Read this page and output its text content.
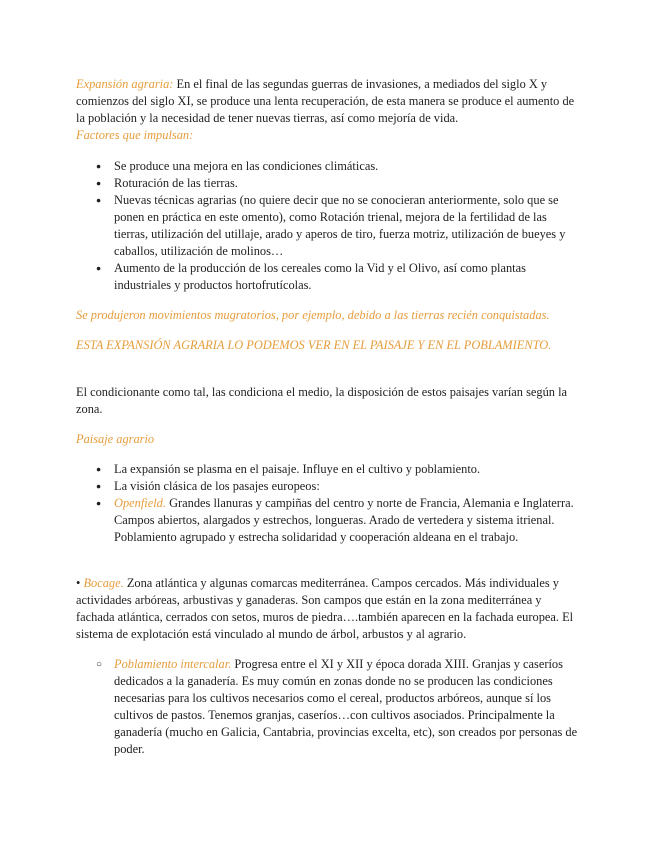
Expansión agraria: En el final de las segundas guerras de invasiones, a mediados del siglo X y comienzos del siglo XI, se produce una lenta recuperación, de esta manera se produce el aumento de la población y la necesidad de tener nuevas tierras, así como mejoría de vida.

Factores que impulsan:

● Se produce una mejora en las condiciones climáticas.
● Roturación de las tierras.
● Nuevas técnicas agrarias (no quiere decir que no se conocieran anteriormente, solo que se ponen en práctica en este omento), como Rotación trienal, mejora de la fertilidad de las tierras, utilización del utillaje, arado y aperos de tiro, fuerza motriz, utilización de bueyes y caballos, utilización de molinos…
● Aumento de la producción de los cereales como la Vid y el Olivo, así como plantas industriales y productos hortofrutícolas.

Se produjeron movimientos mugratorios, por ejemplo, debido a las tierras recién conquistadas.

ESTA EXPANSIÓN AGRARIA LO PODEMOS VER EN EL PAISAJE Y EN EL POBLAMIENTO.

El condicionante como tal, las condiciona el medio, la disposición de estos paisajes varían según la zona.

Paisaje agrario

● La expansión se plasma en el paisaje. Influye en el cultivo y poblamiento.
● La visión clásica de los pasajes europeos:
● Openfield. Grandes llanuras y campiñas del centro y norte de Francia, Alemania e Inglaterra. Campos abiertos, alargados y estrechos, longueras. Arado de vertedera y sistema itrienal. Poblamiento agrupado y estrecha solidaridad y cooperación aldeana en el trabajo.

• Bocage. Zona atlántica y algunas comarcas mediterránea. Campos cercados. Más individuales y actividades arbóreas, arbustivas y ganaderas. Son campos que están en la zona mediterránea y fachada atlántica, cerrados con setos, muros de piedra….también aparecen en la fachada europea. El sistema de explotación está vinculado al mundo de árbol, arbustos y al agrario.

○ Poblamiento intercalar. Progresa entre el XI y XII y época dorada XIII. Granjas y caseríos dedicados a la ganadería. Es muy común en zonas donde no se producen las condiciones necesarias para los cultivos necesarios como el cereal, productos arbóreos, aunque sí los cultivos de pastos. Tenemos granjas, caseríos…con cultivos asociados. Principalmente la ganadería (mucho en Galicia, Cantabria, provincias excelta, etc), son creados por personas de poder.
